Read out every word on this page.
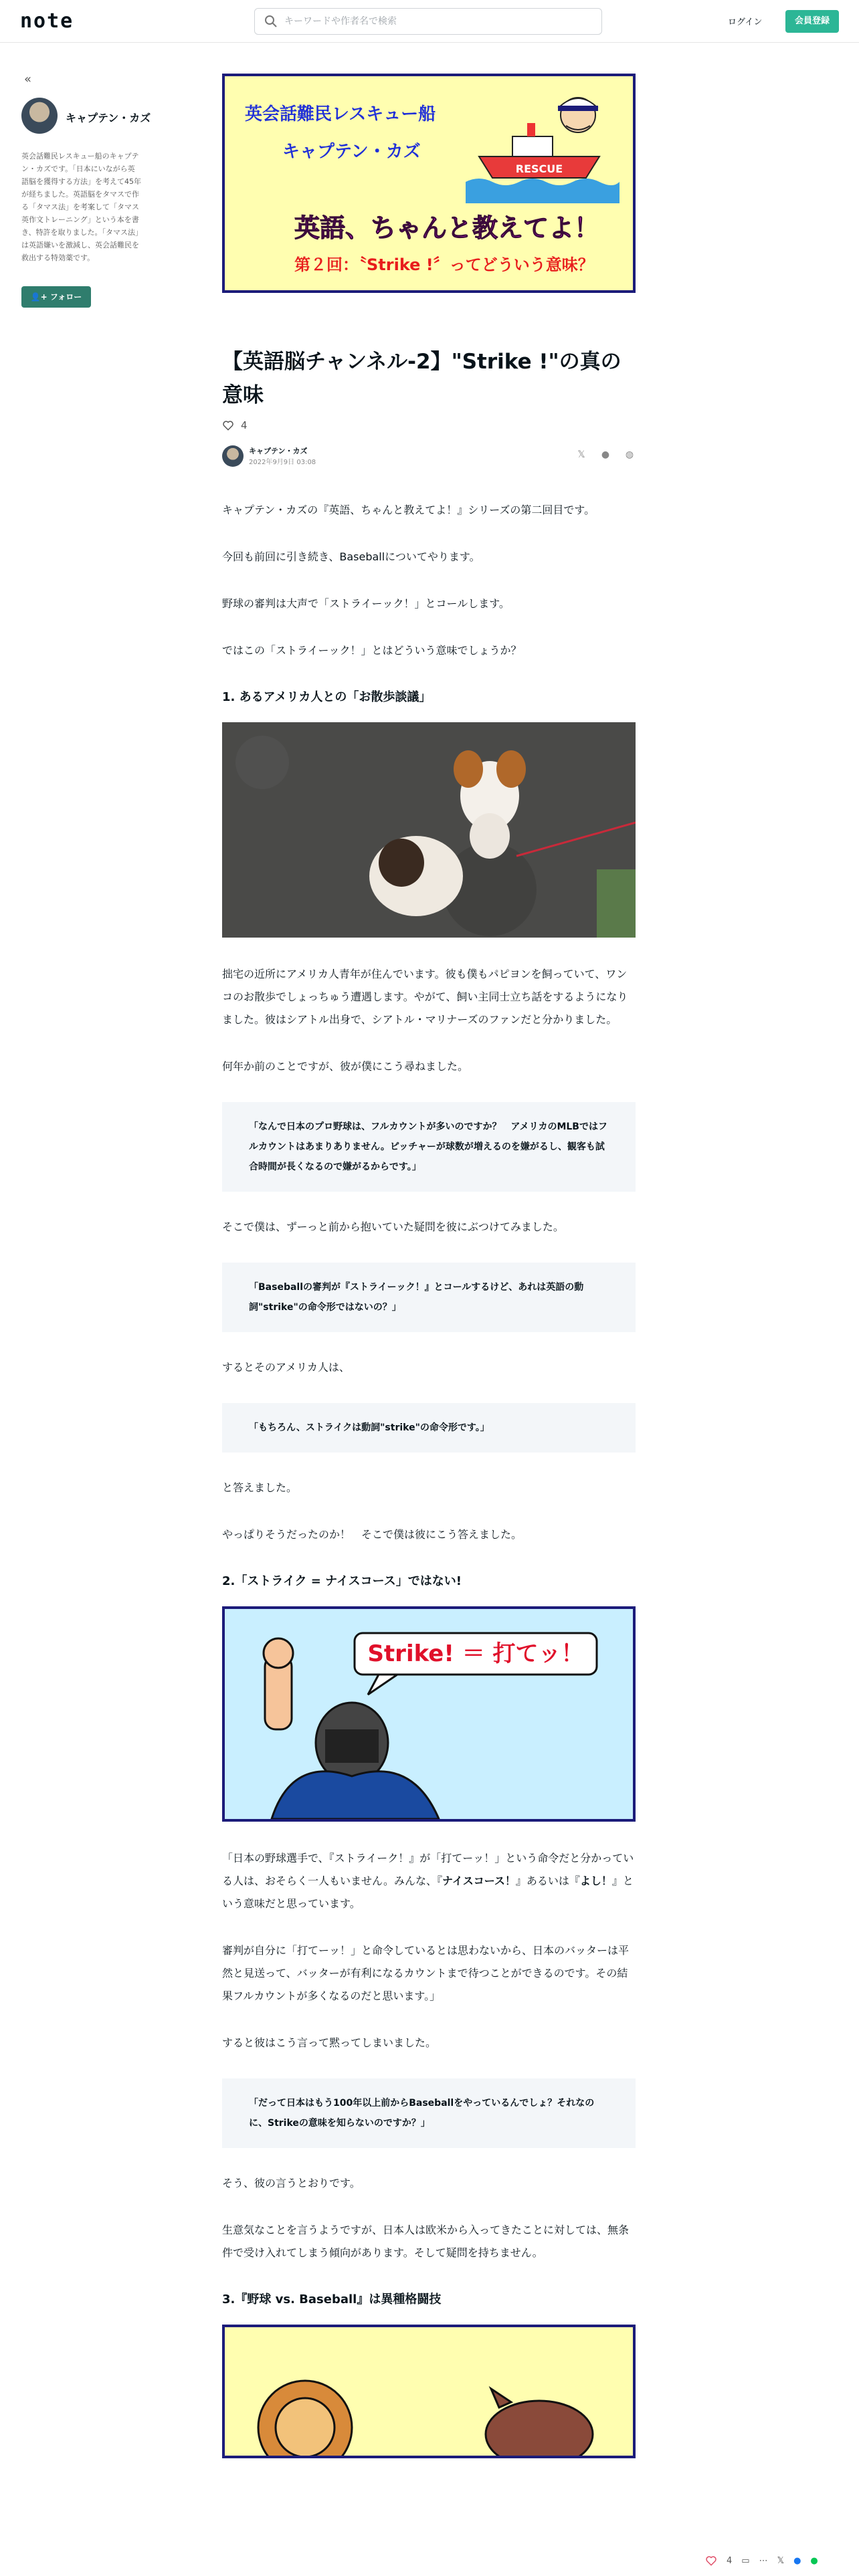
note
キーワードや作者名で検索	ログイン	会員登録
«
キャプテン・カズ
英会話難民レスキュー船のキャプテン・カズです。「日本にいながら英語脳を獲得する方法」を考えて45年が経ちました。英語脳をタマスで作る「タマス法」を考案して「タマス英作文トレーニング」という本を書き、特許を取りました。「タマス法」は英語嫌いを激減し、英会話難民を救出する特効薬です。
👤+ フォロー
英会話難民レスキュー船
キャプテン・カズ
RESCUE
英語、ちゃんと教えてよ！
第２回：〝Strike !〞ってどういう意味？
【英語脳チャンネル-2】"Strike !"の真の意味
4
キャプテン・カズ
2022年9月9日 03:08
𝕏 ● ◍
キャプテン・カズの『英語、ちゃんと教えてよ！』シリーズの第二回目です。
今回も前回に引き続き、Baseballについてやります。
野球の審判は大声で「ストライーック！」とコールします。
ではこの「ストライーック！」とはどういう意味でしょうか？
1. あるアメリカ人との「お散歩談議」
拙宅の近所にアメリカ人青年が住んでいます。彼も僕もパピヨンを飼っていて、ワンコのお散歩でしょっちゅう遭遇します。やがて、飼い主同士立ち話をするようになりました。彼はシアトル出身で、シアトル・マリナーズのファンだと分かりました。
何年か前のことですが、彼が僕にこう尋ねました。
「なんで日本のプロ野球は、フルカウントが多いのですか？　アメリカのMLBではフルカウントはあまりありません。ピッチャーが球数が増えるのを嫌がるし、観客も試合時間が長くなるので嫌がるからです。」
そこで僕は、ずーっと前から抱いていた疑問を彼にぶつけてみました。
「Baseballの審判が『ストライーック！』とコールするけど、あれは英語の動詞"strike"の命令形ではないの？」
するとそのアメリカ人は、
「もちろん、ストライクは動詞"strike"の命令形です。」
と答えました。
やっぱりそうだったのか！　そこで僕は彼にこう答えました。
2.「ストライク = ナイスコース」ではない!
Strike! ＝ 打てッ！
「日本の野球選手で、『ストライーク！』が「打てーッ！」という命令だと分かっている人は、おそらく一人もいません。みんな、『ナイスコース！』あるいは『よし！』という意味だと思っています。
審判が自分に「打てーッ！」と命令しているとは思わないから、日本のバッターは平然と見送って、バッターが有利になるカウントまで待つことができるのです。その結果フルカウントが多くなるのだと思います。」
すると彼はこう言って黙ってしまいました。
「だって日本はもう100年以上前からBaseballをやっているんでしょ？それなのに、Strikeの意味を知らないのですか？」
そう、彼の言うとおりです。
生意気なことを言うようですが、日本人は欧米から入ってきたことに対しては、無条件で受け入れてしまう傾向があります。そして疑問を持ちません。
3.『野球 vs. Baseball』は異種格闘技
4 ▭ ⋯ 𝕏 ● ●
